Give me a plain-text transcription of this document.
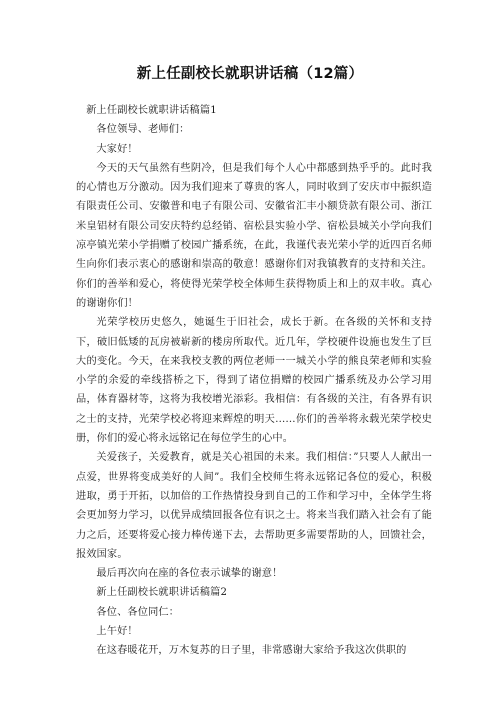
新上任副校长就职讲话稿（12篇）

新上任副校长就职讲话稿篇1

各位领导、老师们：

大家好！

今天的天气虽然有些阴冷，但是我们每个人心中都感到热乎乎的。此时我的心情也万分激动。因为我们迎来了尊贵的客人，同时收到了安庆市中振织造有限责任公司、安徽普和电子有限公司、安徽省汇丰小额贷款有限公司、浙江米皇铝材有限公司安庆特约总经销、宿松县实验小学、宿松县城关小学向我们凉亭镇光荣小学捐赠了校园广播系统，在此，我谨代表光荣小学的近四百名师生向你们表示衷心的感谢和崇高的敬意！感谢你们对我镇教育的支持和关注。你们的善举和爱心，将使得光荣学校全体师生获得物质上和上的双丰收。真心的谢谢你们！

光荣学校历史悠久，她诞生于旧社会，成长于新。在各级的关怀和支持下，破旧低矮的瓦房被崭新的楼房所取代。近几年，学校硬件设施也发生了巨大的变化。今天，在来我校支教的两位老师一一城关小学的熊良荣老师和实验小学的余爱的牵线搭桥之下，得到了诸位捐赠的校园广播系统及办公学习用品，体育器材等，这将为我校增光添彩。我相信：有各级的关注，有各界有识之士的支持，光荣学校必将迎来辉煌的明天……你们的善举将永载光荣学校史册，你们的爱心将永远铭记在每位学生的心中。

关爱孩子，关爱教育，就是关心祖国的未来。我们相信：”只要人人献出一点爱，世界将变成美好的人间”。我们全校师生将永远铭记各位的爱心，积极进取，勇于开拓，以加倍的工作热情投身到自己的工作和学习中，全体学生将会更加努力学习，以优异成绩回报各位有识之士。将来当我们踏入社会有了能力之后，还要将爱心接力棒传递下去，去帮助更多需要帮助的人，回馈社会，报效国家。

最后再次向在座的各位表示诚挚的谢意！

新上任副校长就职讲话稿篇2

各位、各位同仁：

上午好！

在这春暖花开，万木复苏的日子里，非常感谢大家给予我这次供职的
